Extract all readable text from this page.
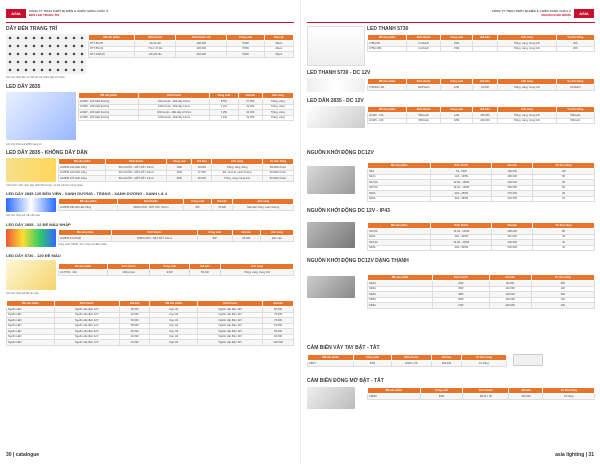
ASIA	CÔNG TY TNHH THIẾT BỊ ĐIỆN & CHIẾU SÁNG CHÂU Á
ĐÈN LED TRANG TRÍ
DÂY ĐÈN TRANG TRÍ
Mã sản phẩm	Kích thước	Kích thước cột	Công suất	Điện áp
DTT-5M-05	5m/10 đui	200.000	760W	20pcs
DTT-5M-10	7.5m/ 15 đui	200.000	760W	20pcs
DTT-10M-20	10m/20 đui	440.000	760W	20pcs
Ghi chú: Dây đèn có thể kết nối nhiều dây với nhau
LED DÂY 2835
Mã sản phẩm	Kích thước	Công suất	Giá bán	Ánh sáng
LD305 - 100 LED thường	100m/cuộn - Mặt dây 10mm	8,5W	27.000	Trắng, vàng
LD305 - 180 LED thường	100m/cuộn - Mặt dây 11mm	7,1W	32.000	Trắng, vàng
LD307 - 180 LED thường	100m/cuộn - Mặt dây 12,5mm	7,2W	34.000	Trắng, vàng
LD305 - 180 LED thường	100m/cuộn - Mặt dây 11mm	7,1W	62.000	Trắng, vàng
Ghi chú: Dây led 2835 trang trí
LED DÂY 2835 - KHÔNG DÂY DẪN
Mã sản phẩm	Kích thước	Công suất	Giá bán	Ánh sáng	Vỏ đơn hàng
LD2835-240 LED trắng	50m/CUỘN - MẶT DÂY 10mm	10W	33.000	Trắng, vàng, hồng	50/100m/cuộn
LD2835-240 LED trắng	50m/CUỘN - MẶT DÂY 10mm	10W	37.000	Đỏ, xanh lá, xanh dương	50/100m/cuộn
LD2835-276 LED trắng	50m/CUỘN - MẶT DÂY 14mm	36W	46.000	Trắng, vàng, trung tính	50/100m/cuộn
Chú thích: Mỗi cuộn dây LED 50m/cuộn, có thể cắt theo từng đoạn
LED DÂY 2835 120 ĐÈN VIỀN - XANH DƯƠNG - TRẮNG - XANH DƯƠNG - XANH LÁ 4
Mã sản phẩm	Kích thước	Công suất	Giá bán	Ánh sáng
LD2835-DB-120 LED trắng	50M/CUỘN - MẶT DÂY 10mm	8W	78.000	Mái viền trắng, xanh dương
Ghi chú: Dây led viền đa màu
LED DÂY 2835 - 12 ĐÈ MẦU NHẤP
Mã sản phẩm	Kích thước	Công suất	Giá bán	Ánh sáng
LD2835-12V-RGB	50M/CUỘN - MẶT DÂY 10mm	8W	95.000	Đổi màu
Công suất: 5W/M, 12V, chạy bộ điều khiển
LED DÂY 5730 - 120 ĐÈ MÀU
Mã sản phẩm	Kích thước	Công suất	Giá bán	Ánh sáng
LD-5730 - 120	100m/cuộn	9,5W	56.000	Trắng, vàng, trung tính
Ghi chú: Dây led đế cao cấp
Mã sản phẩm	Kích thước	Giá bán	Mã sản phẩm	Kích thước	Giá bán
Nguồn LED	Nguồn cấp điện 12V	28.000	Kẹp nối	Nguồn cấp điện 12V	80.000
Nguồn LED	Nguồn cấp điện 12V	33.000	Kẹp nối	Nguồn cấp điện 12V	75.000
Nguồn LED	Nguồn cấp điện 12V	30.000	Kẹp nối	Nguồn cấp điện 12V	70.000
Nguồn LED	Nguồn cấp điện 12V	38.000	Kẹp nối	Nguồn cấp điện 12V	63.000
Nguồn LED	Nguồn cấp điện 12V	30.000	Kẹp nối	Nguồn cấp điện 12V	50.000
Nguồn LED	Nguồn cấp điện 12V	40.000	Kẹp nối	Nguồn cấp điện 12V	60.000
Nguồn LED	Nguồn cấp điện 12V	23.000	Kẹp nối	Nguồn cấp điện 12V	120.000
30 | catalogue
CÔNG TY TNHH THIẾT BỊ ĐIỆN & CHIẾU SÁNG CHÂU Á
NGUỒN KHỞI ĐỘNG	ASIA
LED THANH 5730
Mã sản phẩm	Kích thước	Công suất	Giá bán	Ánh sáng	Vỏ đơn hàng
LT5M-5M	1m/thanh	15W		Trắng, vàng, trung tính	20K
LT5M-10M	1m/thanh	15W		Trắng, vàng, trung tính	20K
LED THANH 5730 - DC 12V
Mã sản phẩm	Kích thước	Công suất	Giá bán	Ánh sáng	Vỏ đơn hàng
LT5030C-1M	1M/Thanh	12W	44.000	Trắng, vàng, trung tính	1K/thanh
LED DÂN 2835 - DC 12V
Mã sản phẩm	Kích thước	Công suất	Giá bán	Ánh sáng	Vỏ đơn hàng
LD425 - 120	5M/Cuộn	12W	150.000	Trắng, vàng, trung tính	5M/cuộn
LD425 - 240	5M/Cuộn	18W	240.000	Trắng, vàng, trung tính	5M/cuộn
NGUỒN KHỞI ĐỘNG DC12V
Mã sản phẩm	Kích thước	Giá bán	Vỏ đơn hàng
N5A	5A - 60W	160.000	120
N10A	10A - 120W	180.000	80
N12,5A	12,5A - 150W	200.000	60
N16,5A	16,5A - 200W	250.000	50
N20A	20A - 250W	370.000	36
N30A	30A - 360W	420.000	24
NGUỒN KHỞI ĐỘNG DC 12V - IP43
Mã sản phẩm	Kích thước	Giá bán	Vỏ đơn hàng
N16,5A	16,5A - 200W	280.000	80
N25A	25A - 300W	310.000	40
N33,3A	33,3A - 400W	340.000	40
N40A	40A - 500W	540.000	32
NGUỒN KHỞI ĐỘNG DC12V DẠNG THANH
Mã sản phẩm	Kích thước	Giá bán	Vỏ đơn hàng
ND2A	24W	90.000	200
ND3A	36W	110.000	100
ND4A	48W	120.000	100
ND5A	60W	130.000	100
ND6A	72W	200.000	100
CẢM BIẾN VẪY TAY BẬT - TẮT
Mã sản phẩm	Công suất	Kích thước	Giá bán	Vỏ đơn hàng
CBVT	60W	Ø140 x 30	150.000	10 trắng
CẢM BIẾN ĐÓNG MỞ BẬT - TẮT
Mã sản phẩm	Công suất	Kích thước	Giá bán	Vỏ đơn hàng
CBDM	60W	Ø140 x 35	150.000	10 trắng
asia lighting | 31
